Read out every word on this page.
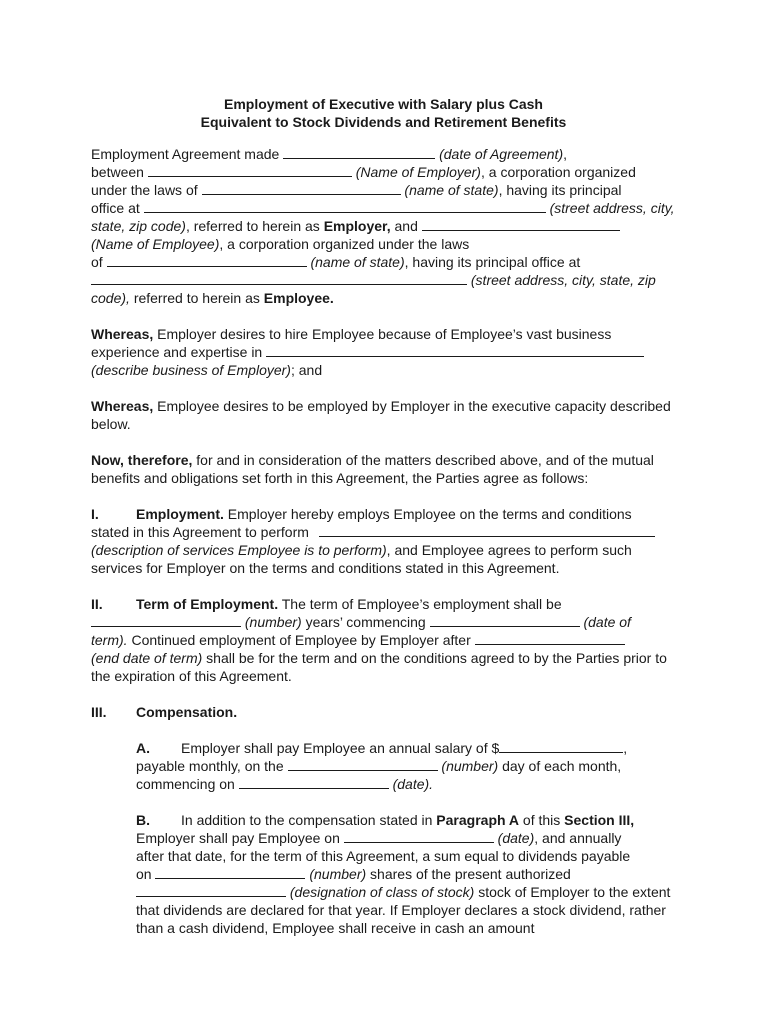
Employment of Executive with Salary plus Cash

Equivalent to Stock Dividends and Retirement Benefits

Employment Agreement made	(date of Agreement),
between	(Name of Employer), a corporation organized
under the laws of	(name of state), having its principal
office at	(street address, city,
state, zip code), referred to herein as Employer, and
(Name of Employee), a corporation organized under the laws
of	(name of state), having its principal office at
(street address, city, state, zip
code), referred to herein as Employee.

Whereas, Employer desires to hire Employee because of Employee’s vast business
experience and expertise in
(describe business of Employer); and

Whereas, Employee desires to be employed by Employer in the executive capacity described below.

Now, therefore, for and in consideration of the matters described above, and of the mutual benefits and obligations set forth in this Agreement, the Parties agree as follows:

I.	Employment. Employer hereby employs Employee on the terms and conditions
stated in this Agreement to perform
(description of services Employee is to perform), and Employee agrees to perform such services for Employer on the terms and conditions stated in this Agreement.

II. Term of Employment. The term of Employee’s employment shall be
(number) years’ commencing	(date of
term). Continued employment of Employee by Employer after
(end date of term) shall be for the term and on the conditions agreed to by the Parties prior to the expiration of this Agreement.

III. Compensation.

A. Employer shall pay Employee an annual salary of $	,
payable monthly, on the	(number) day of each month,
commencing on	(date).

B. In addition to the compensation stated in Paragraph A of this Section III,
Employer shall pay Employee on	(date), and annually
after that date, for the term of this Agreement, a sum equal to dividends payable
on	(number) shares of the present authorized
(designation of class of stock) stock of Employer to the extent that dividends are declared for that year. If Employer declares a stock dividend, rather than a cash dividend, Employee shall receive in cash an amount
